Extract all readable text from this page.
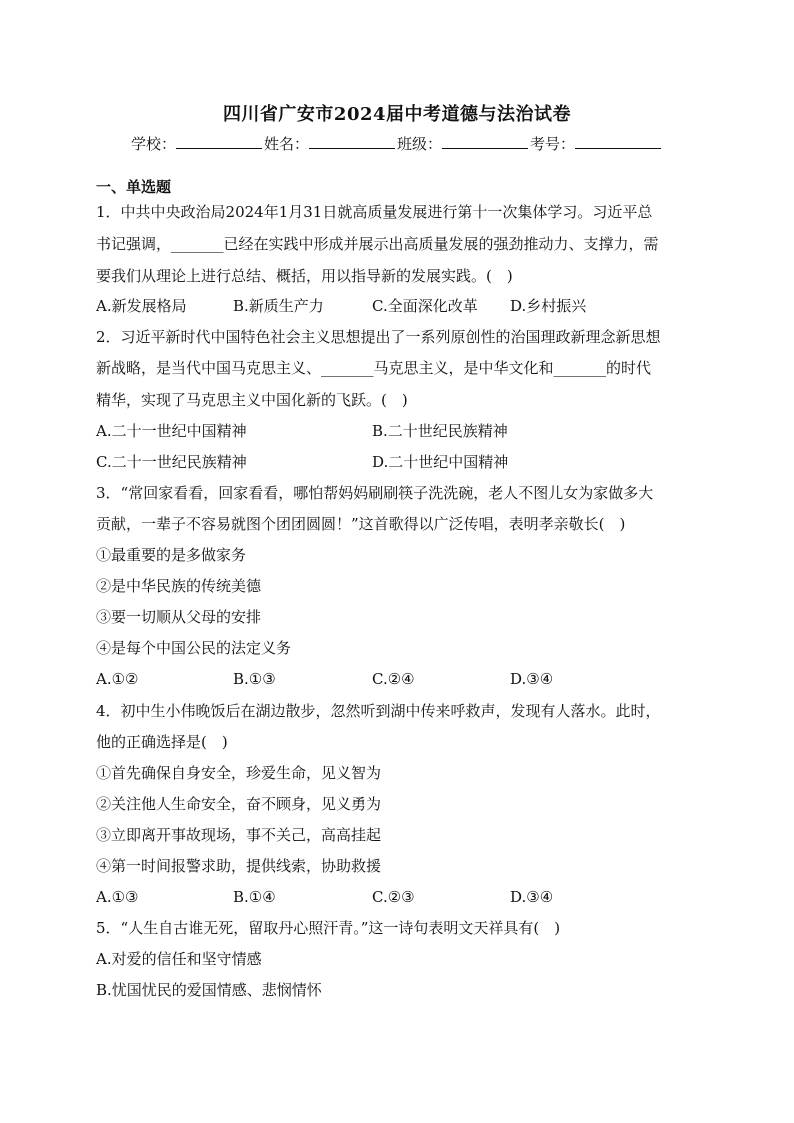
四川省广安市2024届中考道德与法治试卷
学校：	姓名：	班级：	考号：
一、单选题
1．中共中央政治局2024年1月31日就高质量发展进行第十一次集体学习。习近平总
书记强调，_______已经在实践中形成并展示出高质量发展的强劲推动力、支撑力，需
要我们从理论上进行总结、概括，用以指导新的发展实践。(　)
A.新发展格局	B.新质生产力	C.全面深化改革 D.乡村振兴
2．习近平新时代中国特色社会主义思想提出了一系列原创性的治国理政新理念新思想
新战略，是当代中国马克思主义、_______马克思主义，是中华文化和_______的时代
精华，实现了马克思主义中国化新的飞跃。(　)
A.二十一世纪中国精神	B.二十世纪民族精神
C.二十一世纪民族精神	D.二十世纪中国精神
3．“常回家看看，回家看看，哪怕帮妈妈刷刷筷子洗洗碗，老人不图儿女为家做多大
贡献，一辈子不容易就图个团团圆圆！”这首歌得以广泛传唱，表明孝亲敬长(　)
①最重要的是多做家务
②是中华民族的传统美德
③要一切顺从父母的安排
④是每个中国公民的法定义务
A.①②	B.①③	C.②④	D.③④
4．初中生小伟晚饭后在湖边散步，忽然听到湖中传来呼救声，发现有人落水。此时，
他的正确选择是(　)
①首先确保自身安全，珍爱生命，见义智为
②关注他人生命安全，奋不顾身，见义勇为
③立即离开事故现场，事不关己，高高挂起
④第一时间报警求助，提供线索，协助救援
A.①③	B.①④	C.②③	D.③④
5．“人生自古谁无死，留取丹心照汗青。”这一诗句表明文天祥具有(　)
A.对爱的信任和坚守情感
B.忧国忧民的爱国情感、悲悯情怀
